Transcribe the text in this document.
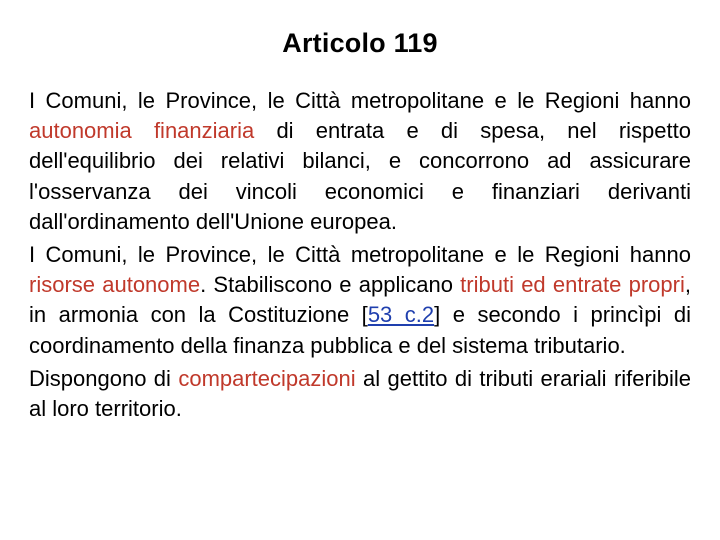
Articolo 119

I Comuni, le Province, le Città metropolitane e le Regioni hanno autonomia finanziaria di entrata e di spesa, nel rispetto dell'equilibrio dei relativi bilanci, e concorrono ad assicurare l'osservanza dei vincoli economici e finanziari derivanti dall'ordinamento dell'Unione europea.

I Comuni, le Province, le Città metropolitane e le Regioni hanno risorse autonome. Stabiliscono e applicano tributi ed entrate propri, in armonia con la Costituzione [53 c.2] e secondo i princìpi di coordinamento della finanza pubblica e del sistema tributario.

Dispongono di compartecipazioni al gettito di tributi erariali riferibile al loro territorio.
